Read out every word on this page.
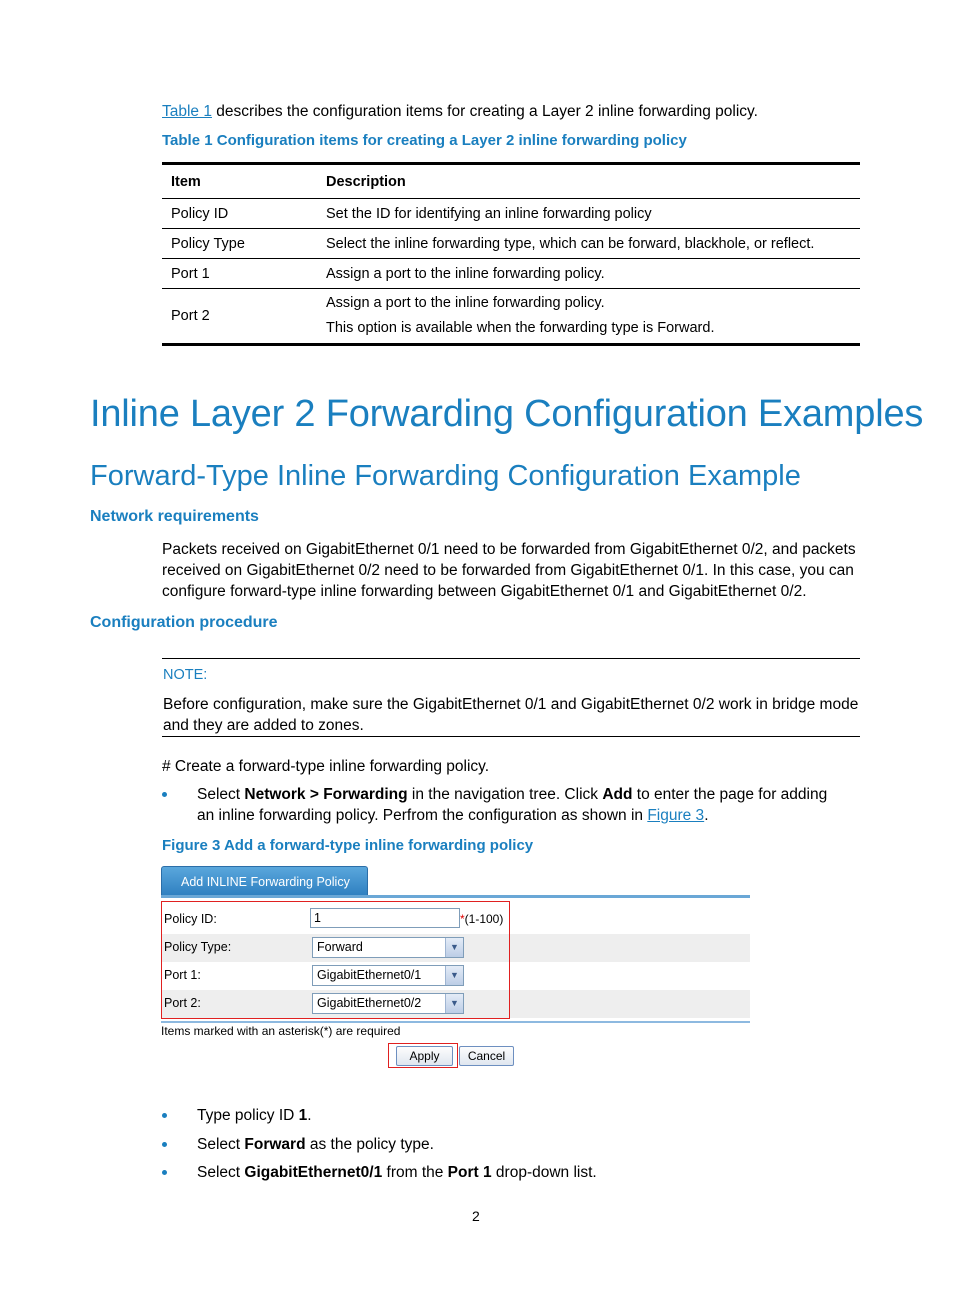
Table 1 describes the configuration items for creating a Layer 2 inline forwarding policy.
Table 1 Configuration items for creating a Layer 2 inline forwarding policy
Item	Description
Policy ID	Set the ID for identifying an inline forwarding policy
Policy Type	Select the inline forwarding type, which can be forward, blackhole, or reflect.
Port 1	Assign a port to the inline forwarding policy.
Port 2	Assign a port to the inline forwarding policy.
This option is available when the forwarding type is Forward.
Inline Layer 2 Forwarding Configuration Examples
Forward-Type Inline Forwarding Configuration Example
Network requirements
Packets received on GigabitEthernet 0/1 need to be forwarded from GigabitEthernet 0/2, and packets
received on GigabitEthernet 0/2 need to be forwarded from GigabitEthernet 0/1. In this case, you can
configure forward-type inline forwarding between GigabitEthernet 0/1 and GigabitEthernet 0/2.
Configuration procedure
NOTE:
Before configuration, make sure the GigabitEthernet 0/1 and GigabitEthernet 0/2 work in bridge mode
and they are added to zones.
# Create a forward-type inline forwarding policy.
Select Network > Forwarding in the navigation tree. Click Add to enter the page for adding
an inline forwarding policy. Perfrom the configuration as shown in Figure 3.
Figure 3 Add a forward-type inline forwarding policy
Add INLINE Forwarding Policy
Policy ID:	1	*(1-100)
Policy Type:	Forward	▼
Port 1:	GigabitEthernet0/1	▼
Port 2:	GigabitEthernet0/2	▼
Items marked with an asterisk(*) are required
Apply	Cancel
Type policy ID 1.
Select Forward as the policy type.
Select GigabitEthernet0/1 from the Port 1 drop-down list.
2
